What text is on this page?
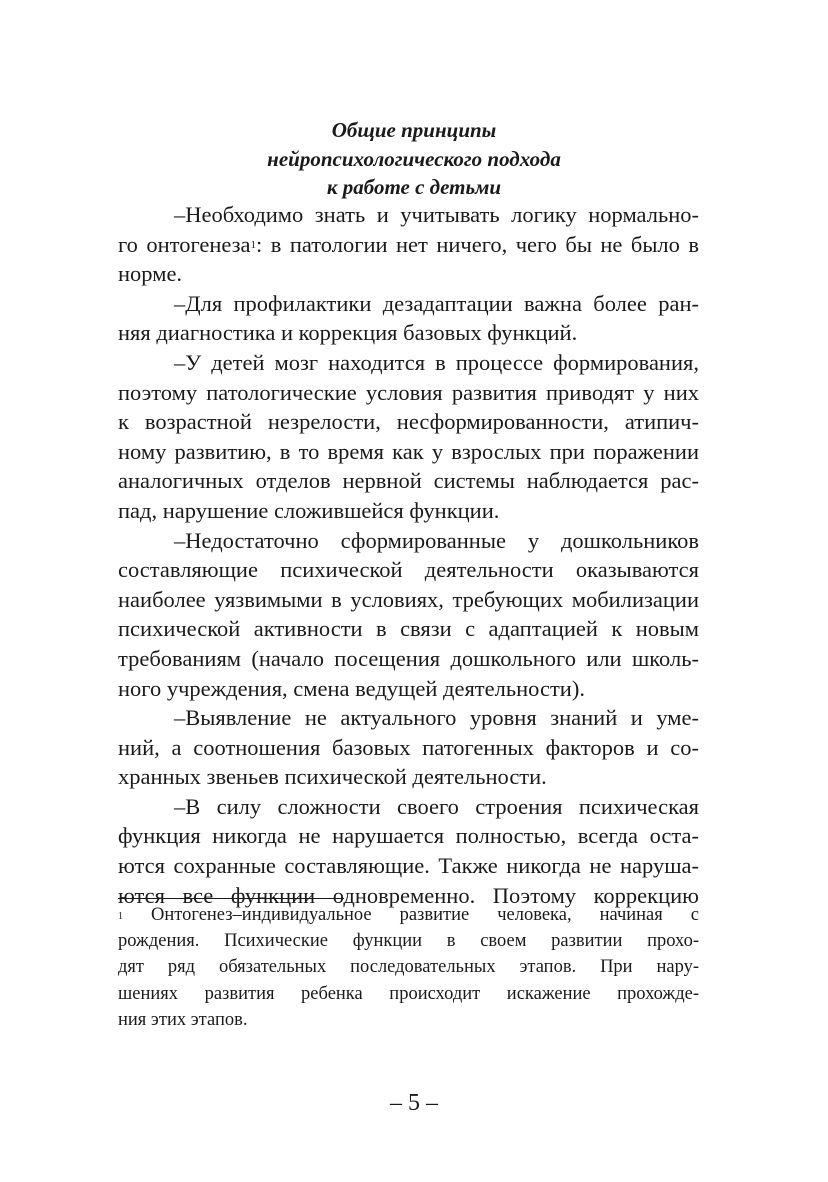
Общие принципы
нейропсихологического подхода
к работе с детьми
–Необходимо знать и учитывать логику нормально-
го онтогенеза$^1$: в патологии нет ничего, чего бы не было в
норме.
–Для профилактики дезадаптации важна более ран-
няя диагностика и коррекция базовых функций.
–У детей мозг находится в процессе формирования,
поэтому патологические условия развития приводят у них
к возрастной незрелости, несформированности, атипич-
ному развитию, в то время как у взрослых при поражении
аналогичных отделов нервной системы наблюдается рас-
пад, нарушение сложившейся функции.
–Недостаточно сформированные у дошкольников
составляющие психической деятельности оказываются
наиболее уязвимыми в условиях, требующих мобилизации
психической активности в связи с адаптацией к новым
требованиям (начало посещения дошкольного или школь-
ного учреждения, смена ведущей деятельности).
–Выявление не актуального уровня знаний и уме-
ний, а соотношения базовых патогенных факторов и со-
хранных звеньев психической деятельности.
–В силу сложности своего строения психическая
функция никогда не нарушается полностью, всегда оста-
ются сохранные составляющие. Также никогда не наруша-
ются все функции одновременно. Поэтому коррекцию
$^1$ Онтогенез–индивидуальное развитие человека, начиная с
рождения. Психические функции в своем развитии прохо-
дят ряд обязательных последовательных этапов. При нару-
шениях развития ребенка происходит искажение прохожде-
ния этих этапов.
– 5 –
